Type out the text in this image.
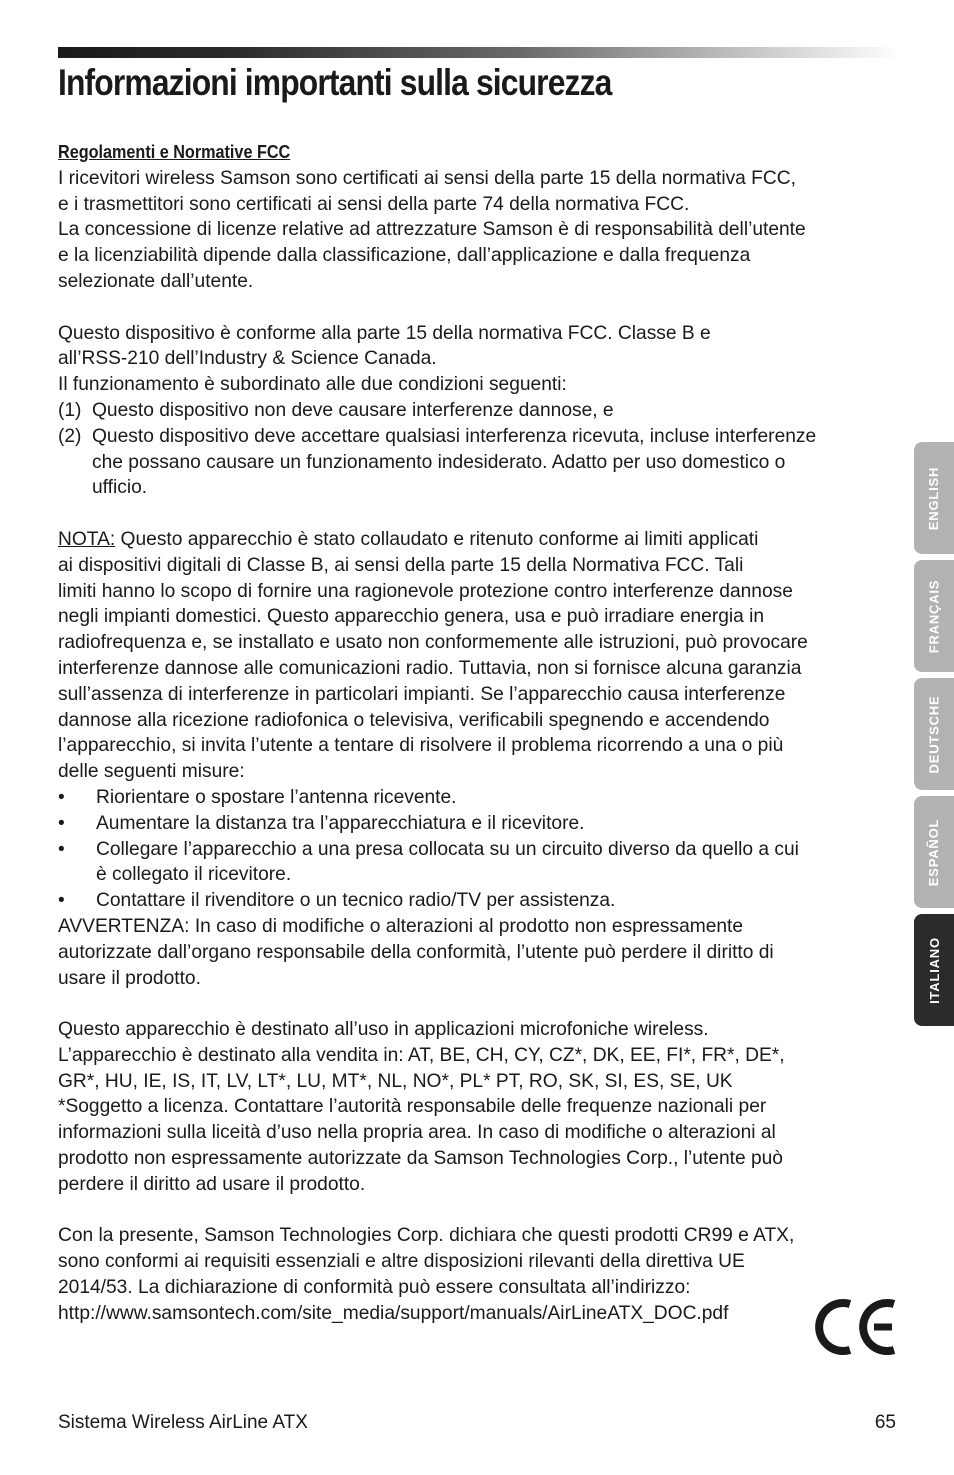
Informazioni importanti sulla sicurezza
Regolamenti e Normative FCC

I ricevitori wireless Samson sono certificati ai sensi della parte 15 della normativa FCC,

e i trasmettitori sono certificati ai sensi della parte 74 della normativa FCC.

La concessione di licenze relative ad attrezzature Samson è di responsabilità dell’utente

e la licenziabilità dipende dalla classificazione, dall’applicazione e dalla frequenza

selezionate dall’utente.

Questo dispositivo è conforme alla parte 15 della normativa FCC. Classe B e

all’RSS-210 dell’Industry & Science Canada.

Il funzionamento è subordinato alle due condizioni seguenti:

(1) Questo dispositivo non deve causare interferenze dannose, e

(2) Questo dispositivo deve accettare qualsiasi interferenza ricevuta, incluse interferenze

che possano causare un funzionamento indesiderato. Adatto per uso domestico o

ufficio.

NOTA: Questo apparecchio è stato collaudato e ritenuto conforme ai limiti applicati

ai dispositivi digitali di Classe B, ai sensi della parte 15 della Normativa FCC. Tali

limiti hanno lo scopo di fornire una ragionevole protezione contro interferenze dannose

negli impianti domestici. Questo apparecchio genera, usa e può irradiare energia in

radiofrequenza e, se installato e usato non conformemente alle istruzioni, può provocare

interferenze dannose alle comunicazioni radio. Tuttavia, non si fornisce alcuna garanzia

sull’assenza di interferenze in particolari impianti. Se l’apparecchio causa interferenze

dannose alla ricezione radiofonica o televisiva, verificabili spegnendo e accendendo

l’apparecchio, si invita l’utente a tentare di risolvere il problema ricorrendo a una o più

delle seguenti misure:

•	Riorientare o spostare l’antenna ricevente.

•	Aumentare la distanza tra l’apparecchiatura e il ricevitore.

•	Collegare l’apparecchio a una presa collocata su un circuito diverso da quello a cui

è collegato il ricevitore.

•	Contattare il rivenditore o un tecnico radio/TV per assistenza.

AVVERTENZA: In caso di modifiche o alterazioni al prodotto non espressamente

autorizzate dall’organo responsabile della conformità, l’utente può perdere il diritto di

usare il prodotto.

Questo apparecchio è destinato all’uso in applicazioni microfoniche wireless.

L’apparecchio è destinato alla vendita in: AT, BE, CH, CY, CZ*, DK, EE, FI*, FR*, DE*,

GR*, HU, IE, IS, IT, LV, LT*, LU, MT*, NL, NO*, PL* PT, RO, SK, SI, ES, SE, UK

*Soggetto a licenza. Contattare l’autorità responsabile delle frequenze nazionali per

informazioni sulla liceità d’uso nella propria area. In caso di modifiche o alterazioni al

prodotto non espressamente autorizzate da Samson Technologies Corp., l’utente può

perdere il diritto ad usare il prodotto.

Con la presente, Samson Technologies Corp. dichiara che questi prodotti CR99 e ATX,

sono conformi ai requisiti essenziali e altre disposizioni rilevanti della direttiva UE

2014/53. La dichiarazione di conformità può essere consultata all’indirizzo:

http://www.samsontech.com/site_media/support/manuals/AirLineATX_DOC.pdf

ENGLISH
FRANÇAIS
DEUTSCHE
ESPAÑOL
ITALIANO
Sistema Wireless AirLine ATX	65
